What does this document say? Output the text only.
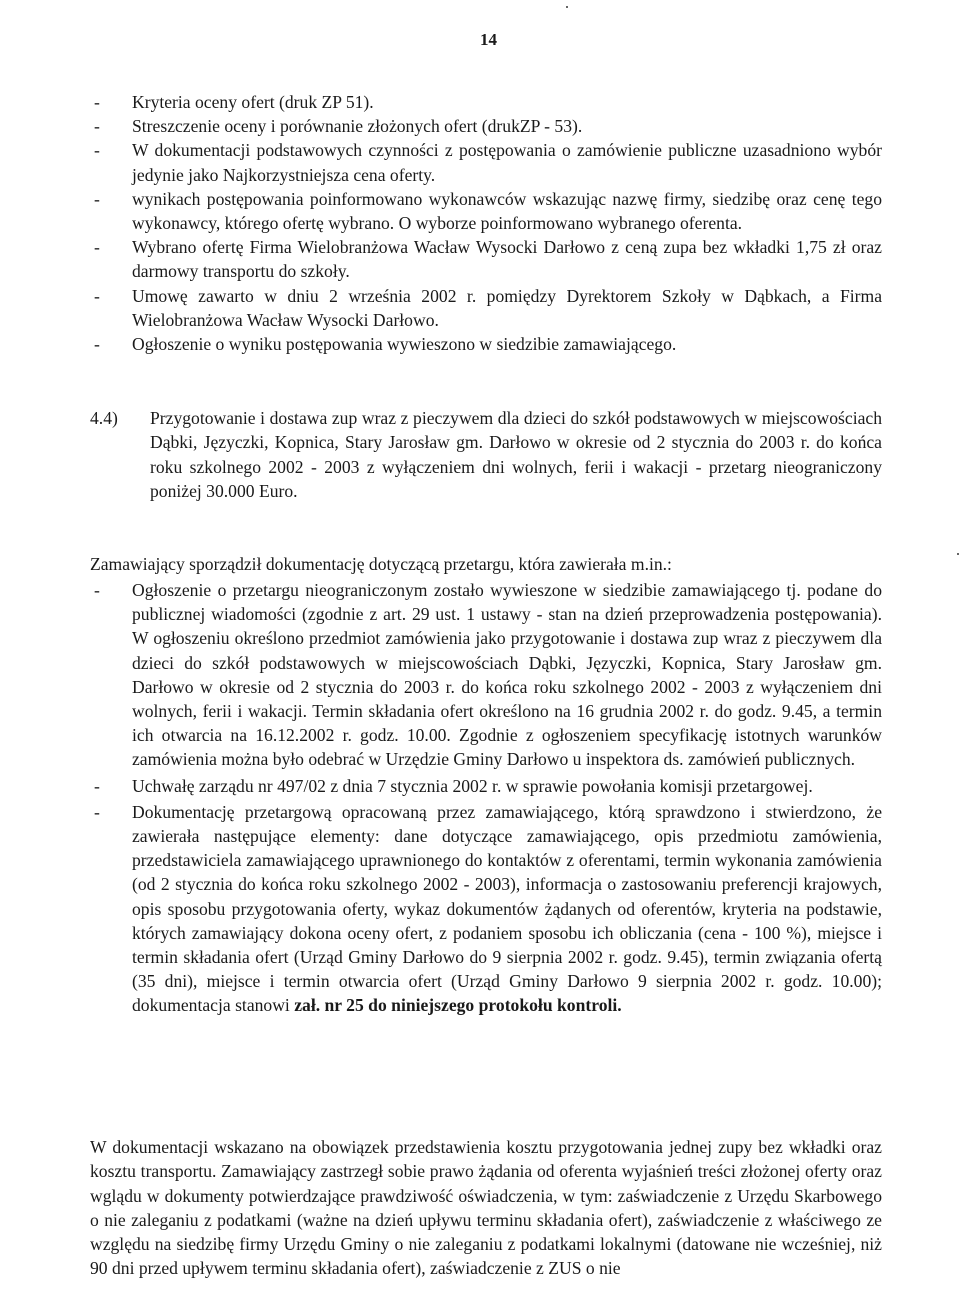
14
- Kryteria oceny ofert (druk ZP 51).
- Streszczenie oceny i porównanie złożonych ofert (drukZP - 53).
- W dokumentacji podstawowych czynności z postępowania o zamówienie publiczne uzasadniono wybór jedynie jako Najkorzystniejsza cena oferty.
- wynikach postępowania poinformowano wykonawców wskazując nazwę firmy, siedzibę oraz cenę tego wykonawcy, którego ofertę wybrano. O wyborze poinformowano wybranego oferenta.
- Wybrano ofertę Firma Wielobranżowa Wacław Wysocki Darłowo z ceną zupa bez wkładki 1,75 zł oraz darmowy transportu do szkoły.
- Umowę zawarto w dniu 2 września 2002 r. pomiędzy Dyrektorem Szkoły w Dąbkach, a Firma Wielobranżowa Wacław Wysocki Darłowo.
- Ogłoszenie o wyniku postępowania wywieszono w siedzibie zamawiającego.
4.4)	Przygotowanie i dostawa zup wraz z pieczywem dla dzieci do szkół podstawowych w miejscowościach Dąbki, Języczki, Kopnica, Stary Jarosław gm. Darłowo w okresie od 2 stycznia do 2003 r. do końca roku szkolnego 2002 - 2003 z wyłączeniem dni wolnych, ferii i wakacji - przetarg nieograniczony poniżej 30.000 Euro.
Zamawiający sporządził dokumentację dotyczącą przetargu, która zawierała m.in.:
- Ogłoszenie o przetargu nieograniczonym zostało wywieszone w siedzibie zamawiającego tj. podane do publicznej wiadomości (zgodnie z art. 29 ust. 1 ustawy - stan na dzień przeprowadzenia postępowania). W ogłoszeniu określono przedmiot zamówienia jako przygotowanie i dostawa zup wraz z pieczywem dla dzieci do szkół podstawowych w miejscowościach Dąbki, Języczki, Kopnica, Stary Jarosław gm. Darłowo w okresie od 2 stycznia do 2003 r. do końca roku szkolnego 2002 - 2003 z wyłączeniem dni wolnych, ferii i wakacji. Termin składania ofert określono na 16 grudnia 2002 r. do godz. 9.45, a termin ich otwarcia na 16.12.2002 r. godz. 10.00. Zgodnie z ogłoszeniem specyfikację istotnych warunków zamówienia można było odebrać w Urzędzie Gminy Darłowo u inspektora ds. zamówień publicznych.
- Uchwałę zarządu nr 497/02 z dnia 7 stycznia 2002 r. w sprawie powołania komisji przetargowej.
- Dokumentację przetargową opracowaną przez zamawiającego, którą sprawdzono i stwierdzono, że zawierała następujące elementy: dane dotyczące zamawiającego, opis przedmiotu zamówienia, przedstawiciela zamawiającego uprawnionego do kontaktów z oferentami, termin wykonania zamówienia (od 2 stycznia do końca roku szkolnego 2002 - 2003), informacja o zastosowaniu preferencji krajowych, opis sposobu przygotowania oferty, wykaz dokumentów żądanych od oferentów, kryteria na podstawie, których zamawiający dokona oceny ofert, z podaniem sposobu ich obliczania (cena - 100 %), miejsce i termin składania ofert (Urząd Gminy Darłowo do 9 sierpnia 2002 r. godz. 9.45), termin związania ofertą (35 dni), miejsce i termin otwarcia ofert (Urząd Gminy Darłowo 9 sierpnia 2002 r. godz. 10.00); dokumentacja stanowi zał. nr 25 do niniejszego protokołu kontroli.
W dokumentacji wskazano na obowiązek przedstawienia kosztu przygotowania jednej zupy bez wkładki oraz kosztu transportu. Zamawiający zastrzegł sobie prawo żądania od oferenta wyjaśnień treści złożonej oferty oraz wglądu w dokumenty potwierdzające prawdziwość oświadczenia, w tym: zaświadczenie z Urzędu Skarbowego o nie zaleganiu z podatkami (ważne na dzień upływu terminu składania ofert), zaświadczenie z właściwego ze względu na siedzibę firmy Urzędu Gminy o nie zaleganiu z podatkami lokalnymi (datowane nie wcześniej, niż 90 dni przed upływem terminu składania ofert), zaświadczenie z ZUS o nie
